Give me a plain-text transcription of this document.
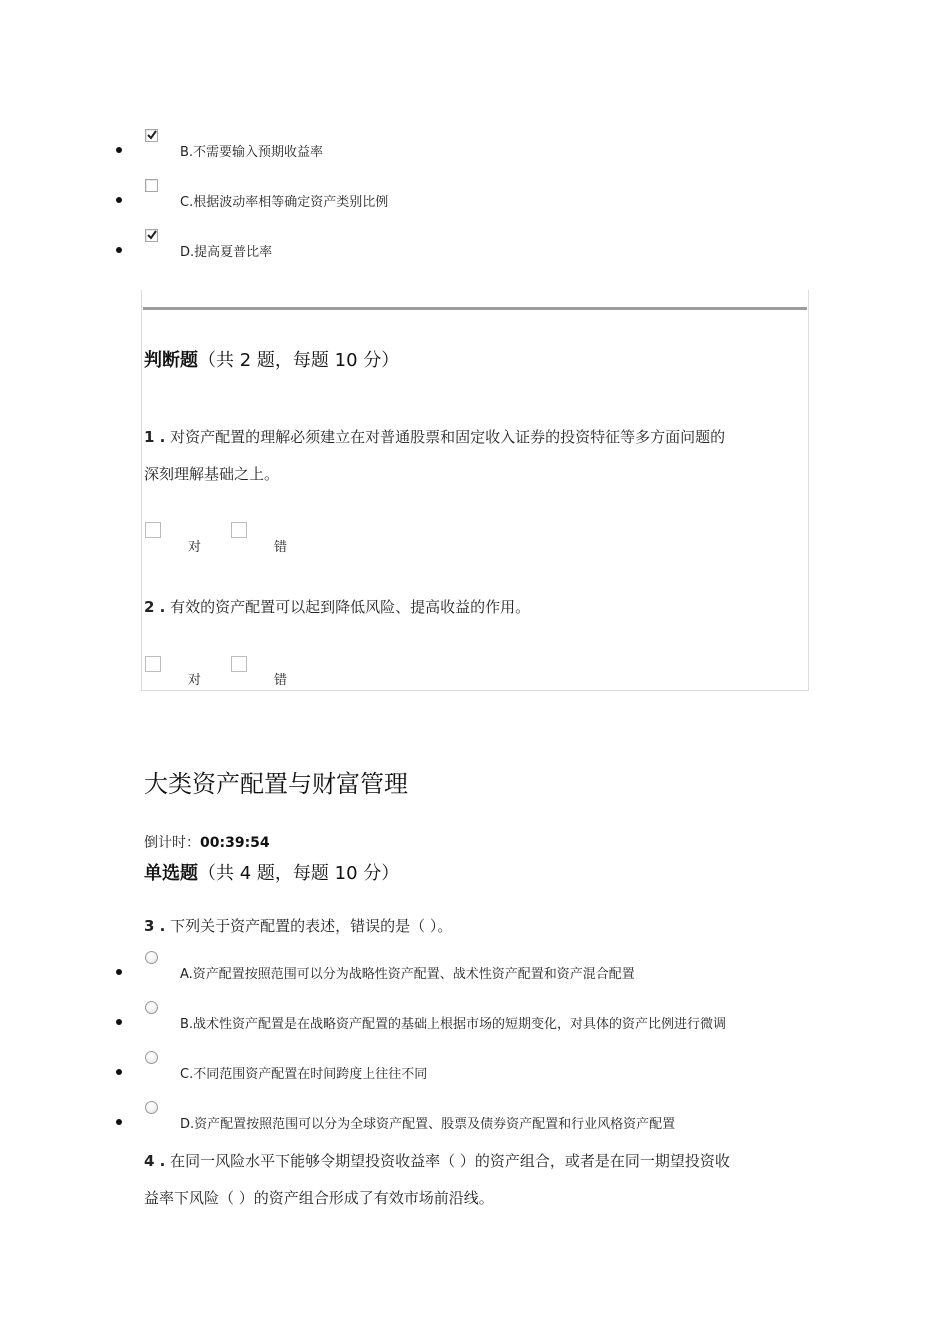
B.不需要输入预期收益率
C.根据波动率相等确定资产类别比例
D.提高夏普比率
判断题（共 2 题，每题 10 分）
1 . 对资产配置的理解必须建立在对普通股票和固定收入证券的投资特征等多方面问题的
深刻理解基础之上。
对	错
2 . 有效的资产配置可以起到降低风险、提高收益的作用。
对	错
大类资产配置与财富管理
倒计时：00:39:54
单选题（共 4 题，每题 10 分）
3 . 下列关于资产配置的表述，错误的是（ ）。
A.资产配置按照范围可以分为战略性资产配置、战术性资产配置和资产混合配置
B.战术性资产配置是在战略资产配置的基础上根据市场的短期变化，对具体的资产比例进行微调
C.不同范围资产配置在时间跨度上往往不同
D.资产配置按照范围可以分为全球资产配置、股票及债券资产配置和行业风格资产配置
4 . 在同一风险水平下能够令期望投资收益率（ ）的资产组合，或者是在同一期望投资收
益率下风险（ ）的资产组合形成了有效市场前沿线。
